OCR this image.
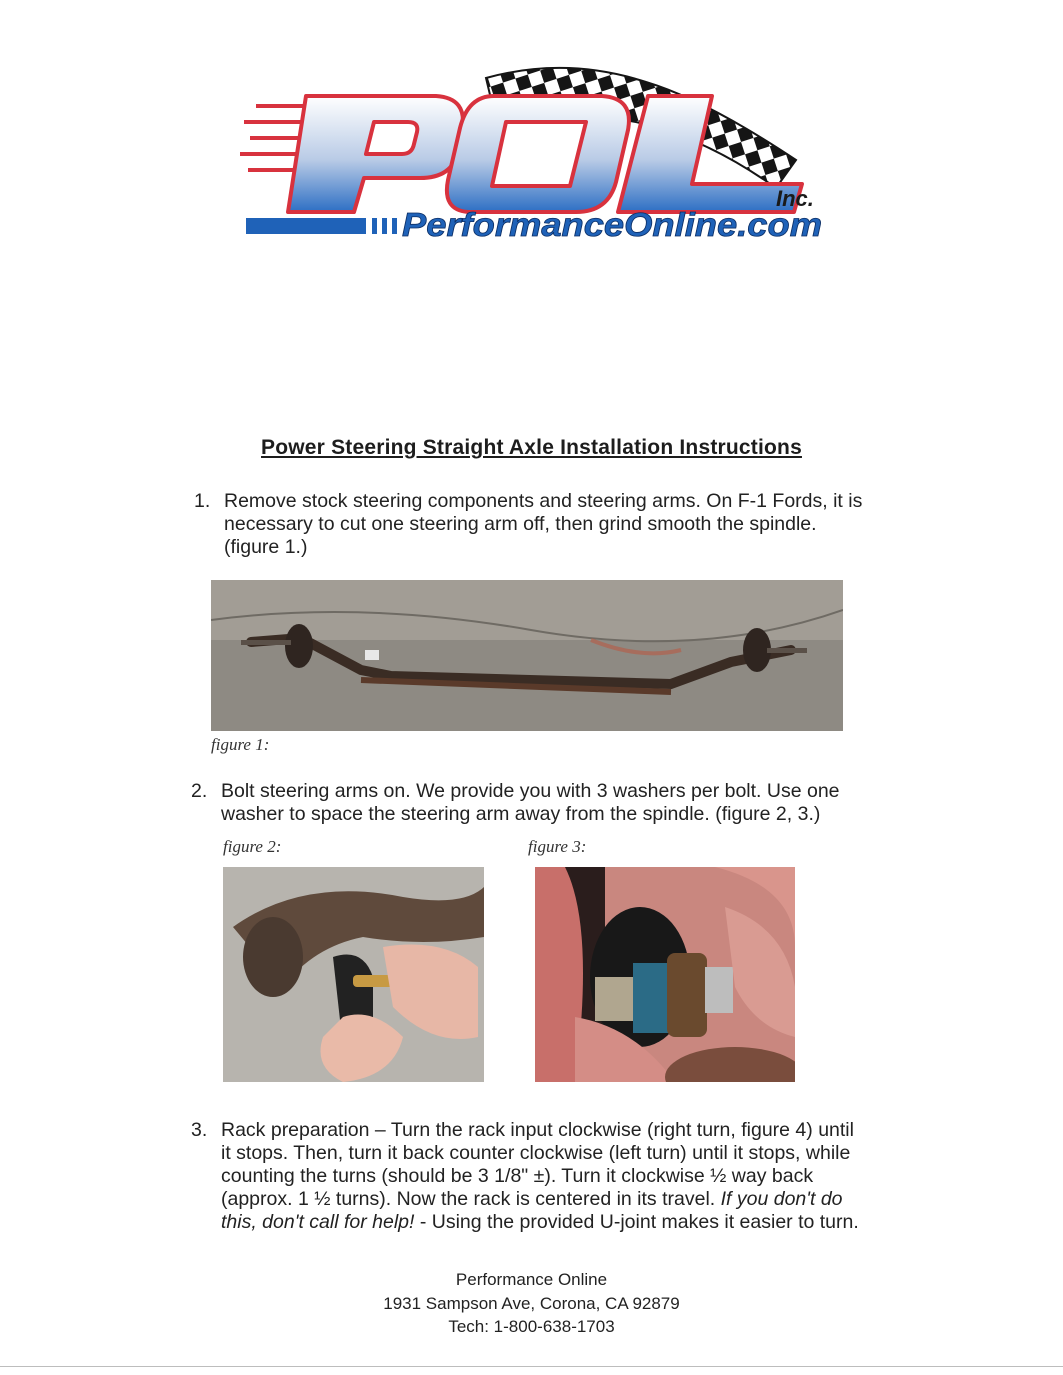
Inc.
PerformanceOnline.com
Power Steering Straight Axle Installation Instructions
1. Remove stock steering components and steering arms. On F-1 Fords, it is
necessary to cut one steering arm off, then grind smooth the spindle.
(figure 1.)
figure 1:
2. Bolt steering arms on. We provide you with 3 washers per bolt. Use one
washer to space the steering arm away from the spindle. (figure 2, 3.)
figure 2:	figure 3:
3. Rack preparation – Turn the rack input clockwise (right turn, figure 4) until
it stops. Then, turn it back counter clockwise (left turn) until it stops, while
counting the turns (should be 3 1/8" ±). Turn it clockwise ½ way back
(approx. 1 ½ turns). Now the rack is centered in its travel. If you don't do
this, don't call for help! - Using the provided U-joint makes it easier to turn.
Performance Online
1931 Sampson Ave, Corona, CA 92879
Tech: 1-800-638-1703
